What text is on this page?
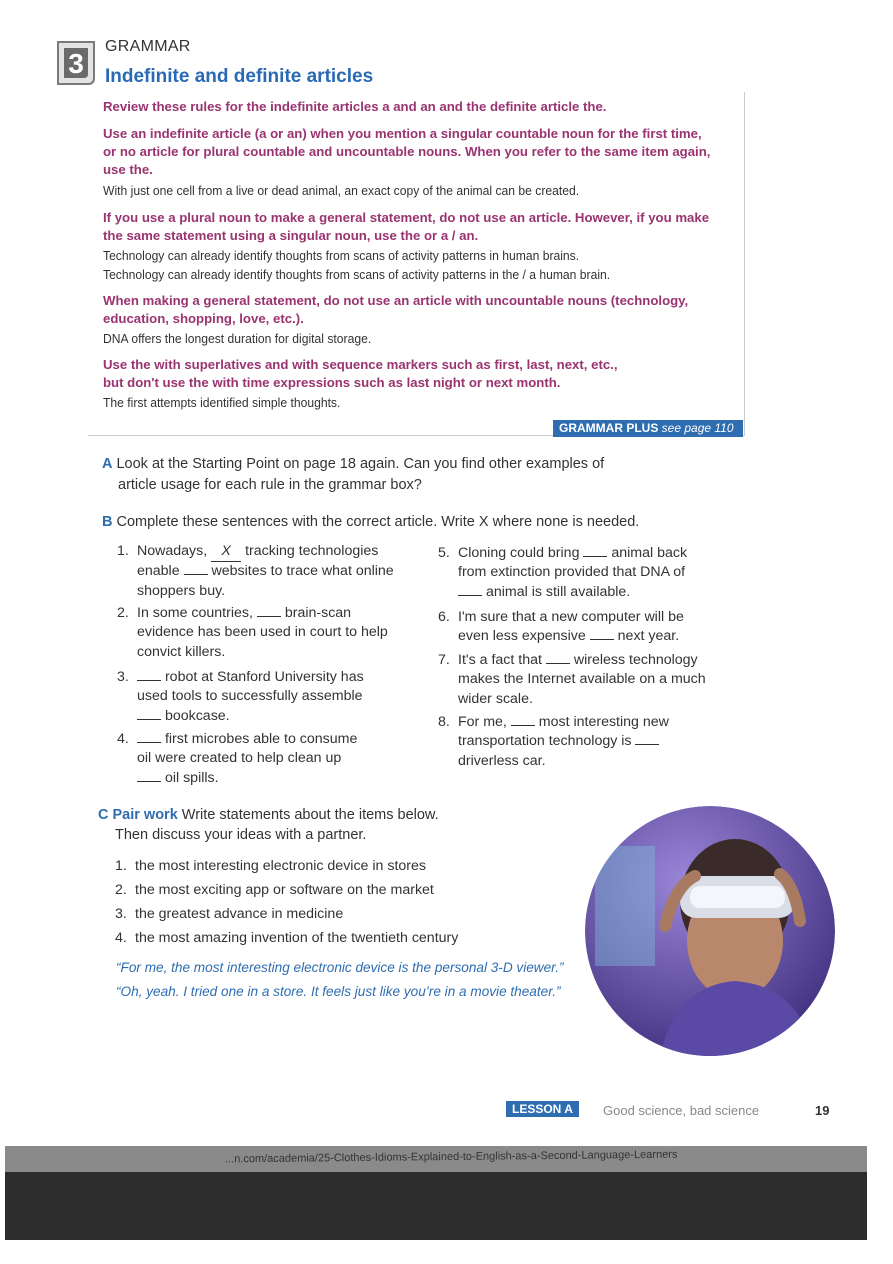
3
GRAMMAR
Indefinite and definite articles
Review these rules for the indefinite articles a and an and the definite article the.
Use an indefinite article (a or an) when you mention a singular countable noun for the first time,
or no article for plural countable and uncountable nouns. When you refer to the same item again,
use the.
With just one cell from a live or dead animal, an exact copy of the animal can be created.
If you use a plural noun to make a general statement, do not use an article. However, if you make
the same statement using a singular noun, use the or a / an.
Technology can already identify thoughts from scans of activity patterns in human brains.
Technology can already identify thoughts from scans of activity patterns in the / a human brain.
When making a general statement, do not use an article with uncountable nouns (technology,
education, shopping, love, etc.).
DNA offers the longest duration for digital storage.
Use the with superlatives and with sequence markers such as first, last, next, etc.,
but don't use the with time expressions such as last night or next month.
The first attempts identified simple thoughts.
GRAMMAR PLUS see page 110
A Look at the Starting Point on page 18 again. Can you find other examples of
article usage for each rule in the grammar box?
B Complete these sentences with the correct article. Write X where none is needed.
1. Nowadays, X tracking technologies
enable websites to trace what online
shoppers buy.
2. In some countries, brain-scan
evidence has been used in court to help
convict killers.
3.	robot at Stanford University has
used tools to successfully assemble
bookcase.
4.	first microbes able to consume
oil were created to help clean up
oil spills.
5. Cloning could bring animal back
from extinction provided that DNA of
animal is still available.
6. I'm sure that a new computer will be
even less expensive next year.
7. It's a fact that wireless technology
makes the Internet available on a much
wider scale.
8. For me, most interesting new
transportation technology is
driverless car.
C Pair work Write statements about the items below.
Then discuss your ideas with a partner.
1. the most interesting electronic device in stores
2. the most exciting app or software on the market
3. the greatest advance in medicine
4. the most amazing invention of the twentieth century
“For me, the most interesting electronic device is the personal 3-D viewer.”
“Oh, yeah. I tried one in a store. It feels just like you’re in a movie theater.”
LESSON A	Good science, bad science	19
...n.com/academia/25-Clothes-Idioms-Explained-to-English-as-a-Second-Language-Learners
